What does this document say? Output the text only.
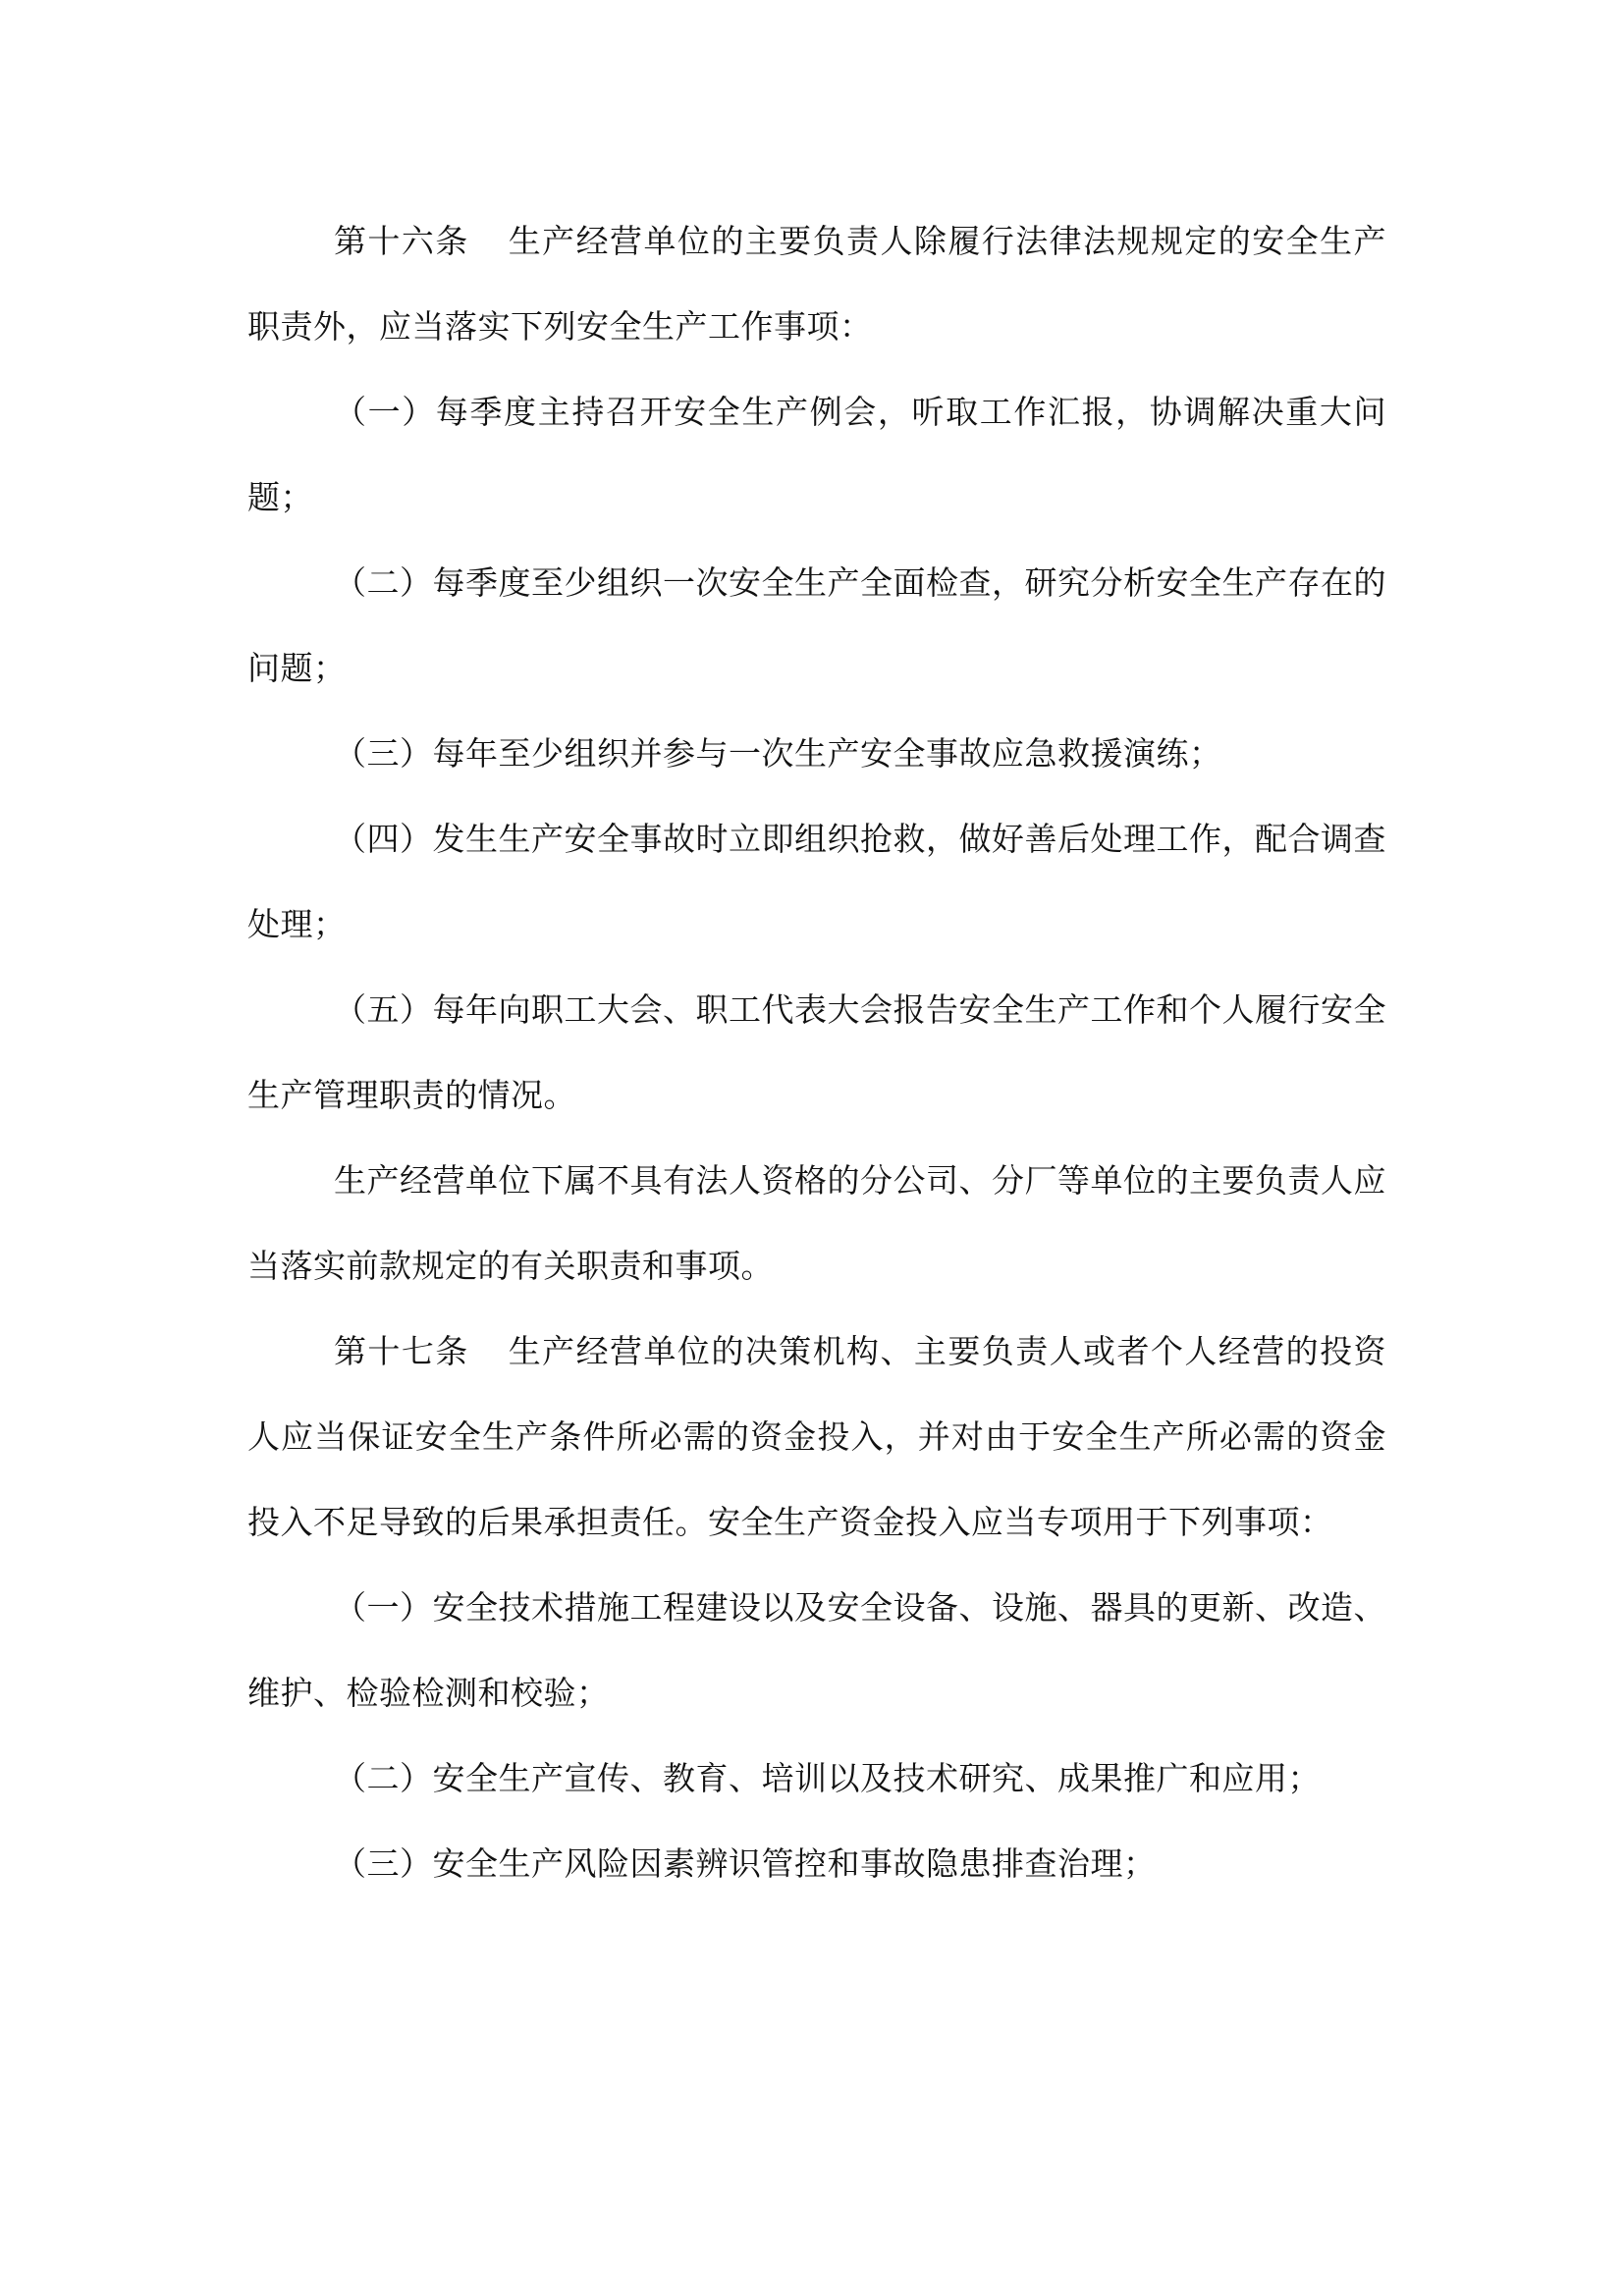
第十六条 生产经营单位的主要负责人除履行法律法规规定的安全生产职责外，应当落实下列安全生产工作事项：

（一）每季度主持召开安全生产例会，听取工作汇报，协调解决重大问题；

（二）每季度至少组织一次安全生产全面检查，研究分析安全生产存在的问题；

（三）每年至少组织并参与一次生产安全事故应急救援演练；

（四）发生生产安全事故时立即组织抢救，做好善后处理工作，配合调查处理；

（五）每年向职工大会、职工代表大会报告安全生产工作和个人履行安全生产管理职责的情况。

生产经营单位下属不具有法人资格的分公司、分厂等单位的主要负责人应当落实前款规定的有关职责和事项。

第十七条 生产经营单位的决策机构、主要负责人或者个人经营的投资人应当保证安全生产条件所必需的资金投入，并对由于安全生产所必需的资金投入不足导致的后果承担责任。安全生产资金投入应当专项用于下列事项：

（一）安全技术措施工程建设以及安全设备、设施、器具的更新、改造、维护、检验检测和校验；

（二）安全生产宣传、教育、培训以及技术研究、成果推广和应用；

（三）安全生产风险因素辨识管控和事故隐患排查治理；
